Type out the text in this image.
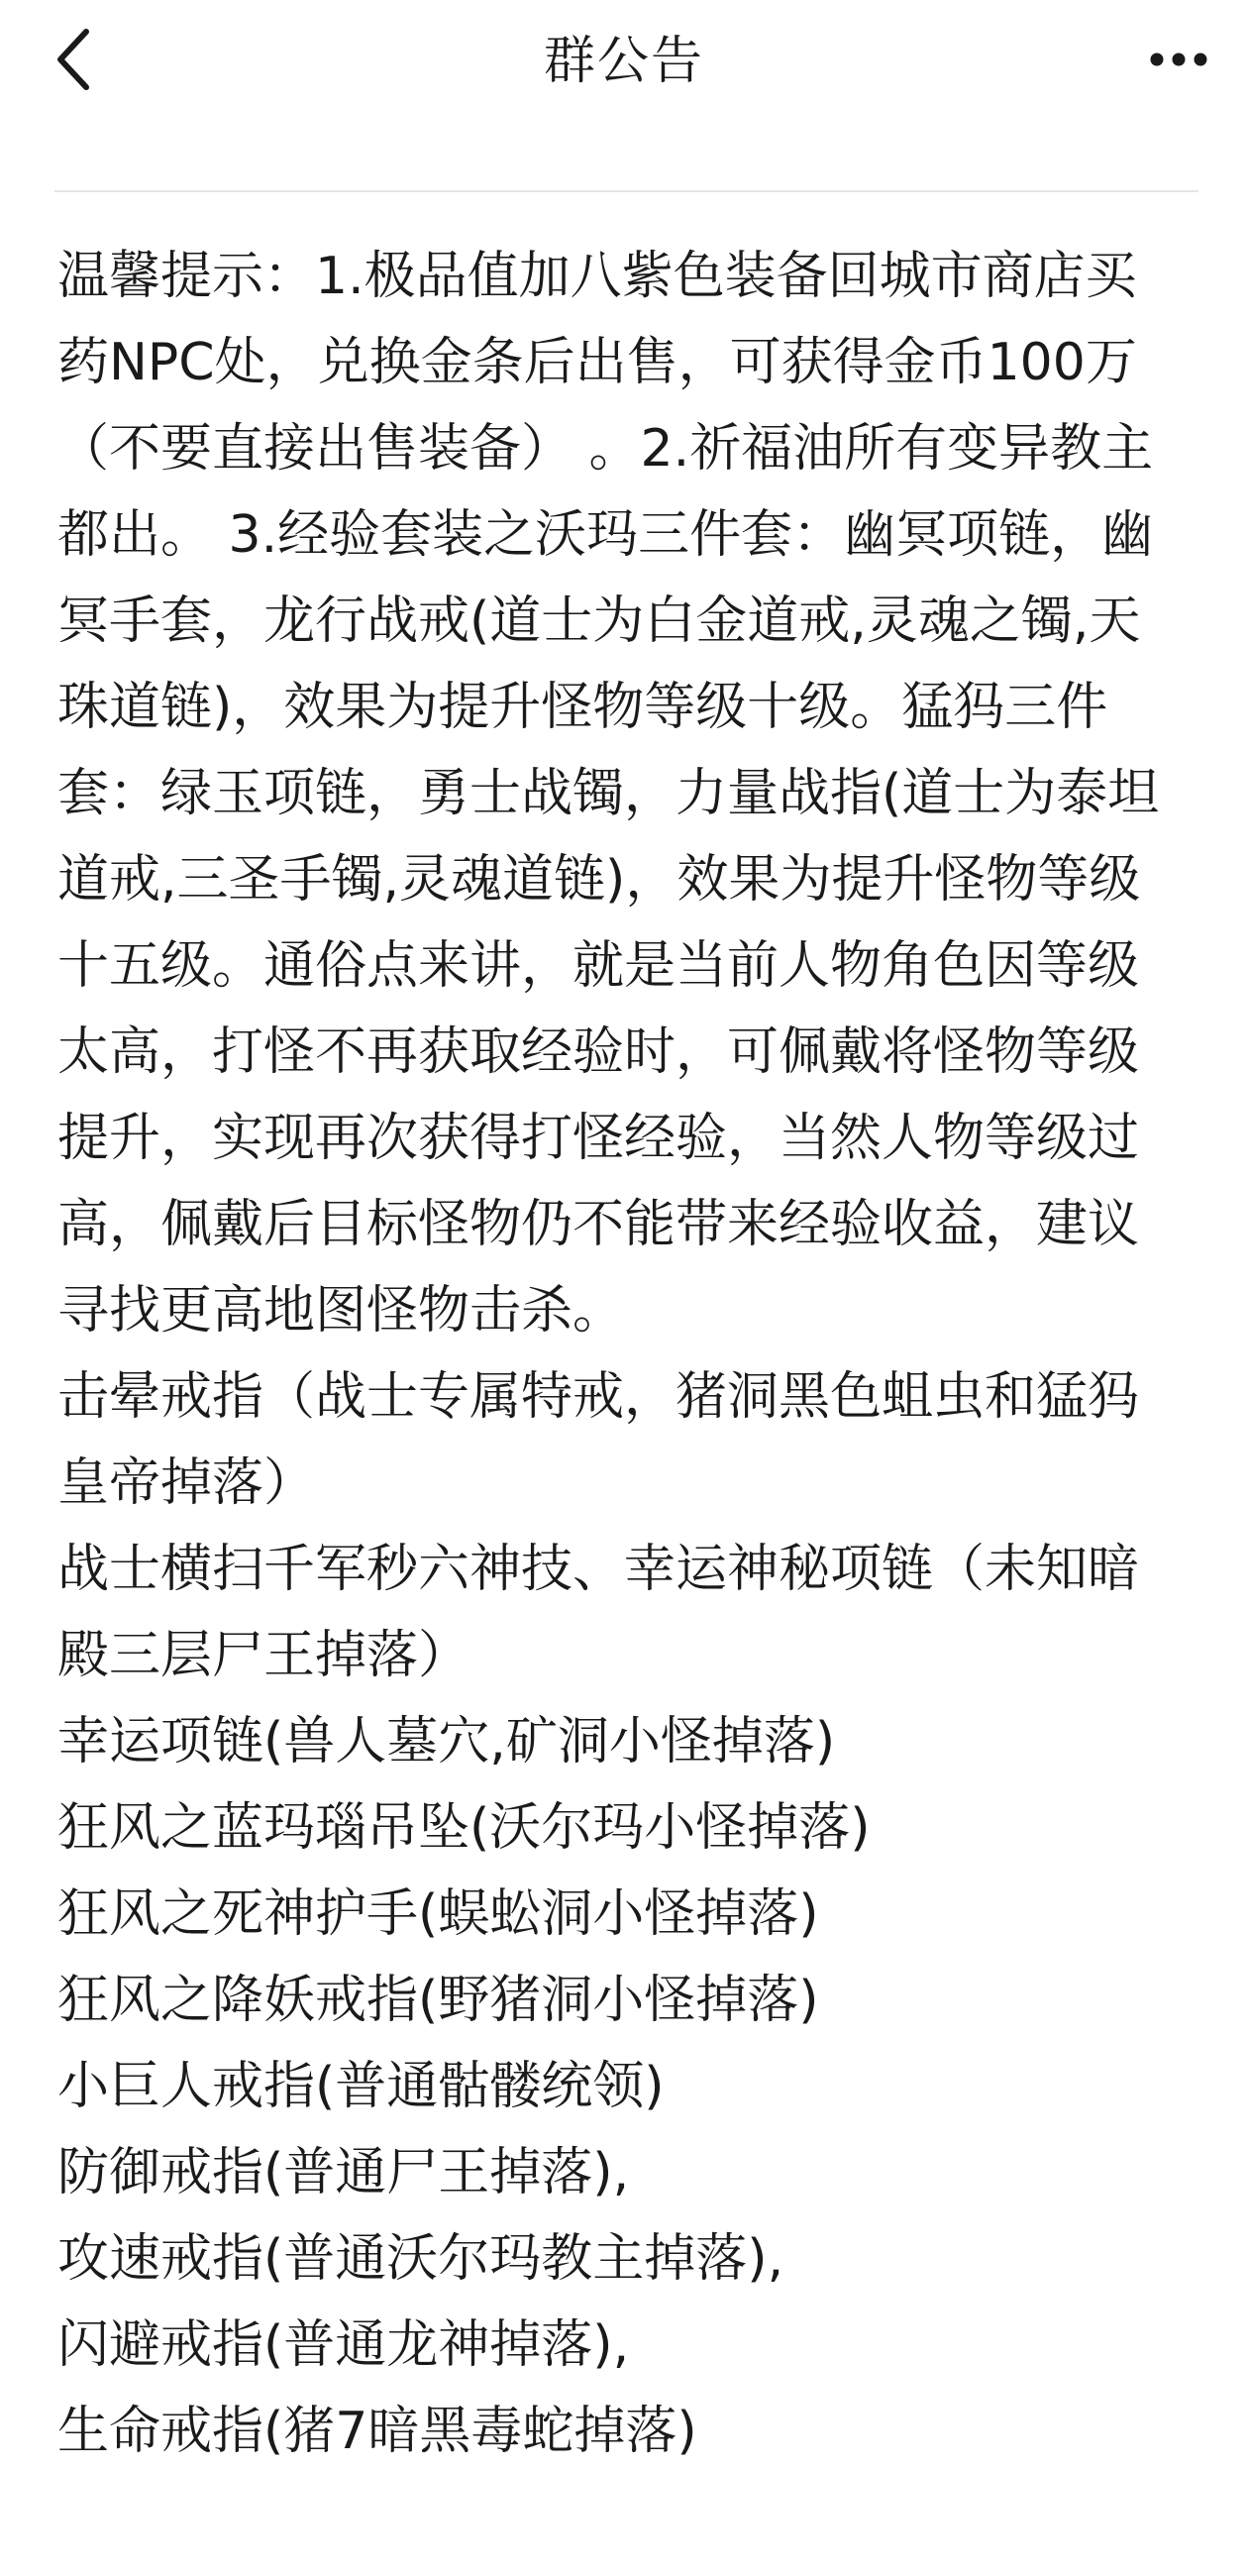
群公告

温馨提示：1.极品值加八紫色装备回城市商店买药NPC处，兑换金条后出售，可获得金币100万（不要直接出售装备） 。2.祈福油所有变异教主都出。 3.经验套装之沃玛三件套：幽冥项链，幽冥手套，龙行战戒(道士为白金道戒,灵魂之镯,天珠道链)，效果为提升怪物等级十级。猛犸三件套：绿玉项链，勇士战镯，力量战指(道士为泰坦道戒,三圣手镯,灵魂道链)，效果为提升怪物等级十五级。通俗点来讲，就是当前人物角色因等级太高，打怪不再获取经验时，可佩戴将怪物等级提升，实现再次获得打怪经验，当然人物等级过高，佩戴后目标怪物仍不能带来经验收益，建议寻找更高地图怪物击杀。

击晕戒指（战士专属特戒，猪洞黑色蛆虫和猛犸皇帝掉落）

战士横扫千军秒六神技、幸运神秘项链（未知暗殿三层尸王掉落）

幸运项链(兽人墓穴,矿洞小怪掉落)

狂风之蓝玛瑙吊坠(沃尔玛小怪掉落)

狂风之死神护手(蜈蚣洞小怪掉落)

狂风之降妖戒指(野猪洞小怪掉落)

小巨人戒指(普通骷髅统领)

防御戒指(普通尸王掉落),

攻速戒指(普通沃尔玛教主掉落),

闪避戒指(普通龙神掉落),

生命戒指(猪7暗黑毒蛇掉落)
